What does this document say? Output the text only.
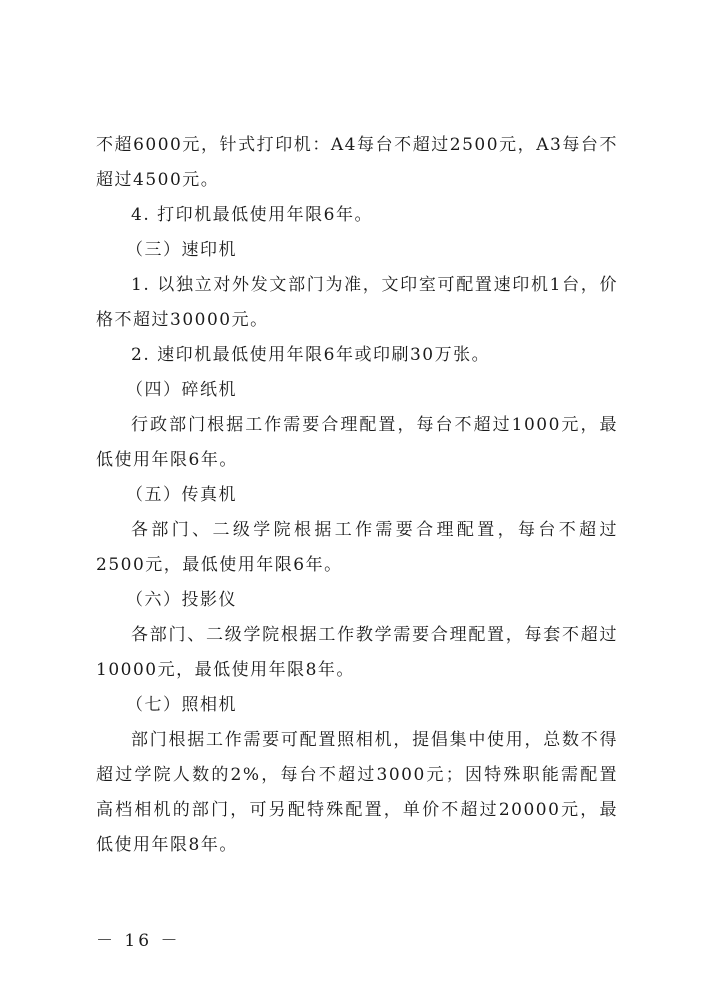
不超6000元，针式打印机：A4每台不超过2500元，A3每台不超过4500元。

4. 打印机最低使用年限6年。

（三）速印机

1. 以独立对外发文部门为准，文印室可配置速印机1台，价格不超过30000元。

2. 速印机最低使用年限6年或印刷30万张。

（四）碎纸机

行政部门根据工作需要合理配置，每台不超过1000元，最低使用年限6年。

（五）传真机

各部门、二级学院根据工作需要合理配置，每台不超过2500元，最低使用年限6年。

（六）投影仪

各部门、二级学院根据工作教学需要合理配置，每套不超过10000元，最低使用年限8年。

（七）照相机

部门根据工作需要可配置照相机，提倡集中使用，总数不得超过学院人数的2%，每台不超过3000元；因特殊职能需配置高档相机的部门，可另配特殊配置，单价不超过20000元，最低使用年限8年。

－ 16 －
